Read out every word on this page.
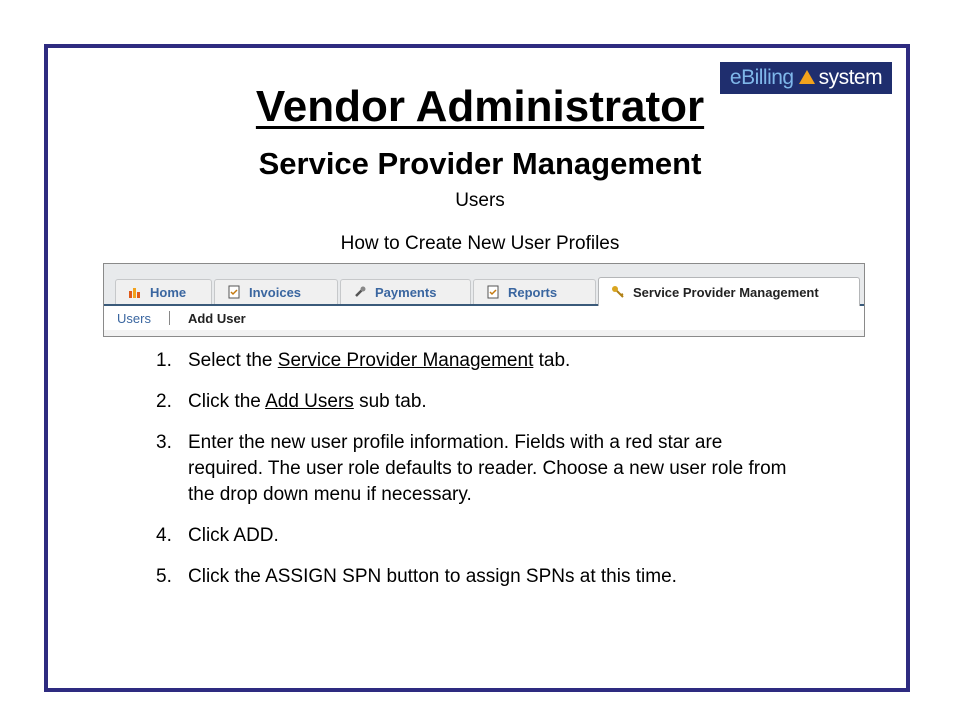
e Billing system
Vendor Administrator
Service Provider Management
Users
How to Create New User Profiles
Home	Invoices	Payments	Reports	Service Provider Management
Users	Add User
1. Select the Service Provider Management tab.
2. Click the Add Users sub tab.
3. Enter the new user profile information. Fields with a red star are required. The user role defaults to reader. Choose a new user role from the drop down menu if necessary.
4. Click ADD.
5. Click the ASSIGN SPN button to assign SPNs at this time.
